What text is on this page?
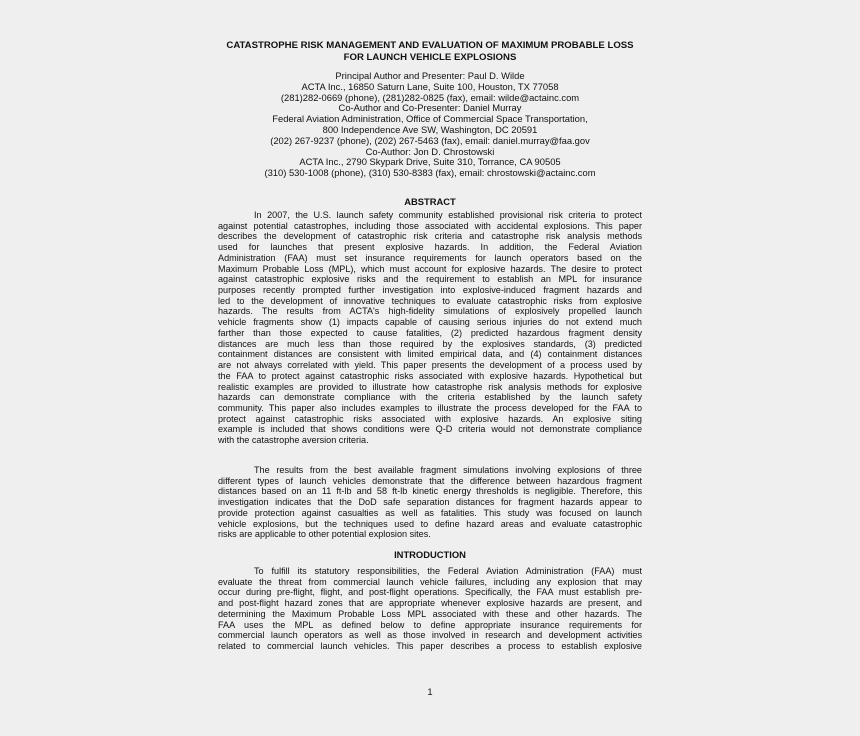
CATASTROPHE RISK MANAGEMENT AND EVALUATION OF MAXIMUM PROBABLE LOSS
FOR LAUNCH VEHICLE EXPLOSIONS
Principal Author and Presenter: Paul D. Wilde
ACTA Inc., 16850 Saturn Lane, Suite 100, Houston, TX 77058
(281)282-0669 (phone), (281)282-0825 (fax), email: wilde@actainc.com
Co-Author and Co-Presenter: Daniel Murray
Federal Aviation Administration, Office of Commercial Space Transportation,
800 Independence Ave SW, Washington, DC 20591
(202) 267-9237 (phone), (202) 267-5463 (fax), email: daniel.murray@faa.gov
Co-Author: Jon D. Chrostowski
ACTA Inc., 2790 Skypark Drive, Suite 310, Torrance, CA 90505
(310) 530-1008 (phone), (310) 530-8383 (fax), email: chrostowski@actainc.com
ABSTRACT
In 2007, the U.S. launch safety community established provisional risk criteria to protect
against potential catastrophes, including those associated with accidental explosions. This paper
describes the development of catastrophic risk criteria and catastrophe risk analysis methods
used for launches that present explosive hazards. In addition, the Federal Aviation
Administration (FAA) must set insurance requirements for launch operators based on the
Maximum Probable Loss (MPL), which must account for explosive hazards. The desire to protect
against catastrophic explosive risks and the requirement to establish an MPL for insurance
purposes recently prompted further investigation into explosive-induced fragment hazards and
led to the development of innovative techniques to evaluate catastrophic risks from explosive
hazards. The results from ACTA's high-fidelity simulations of explosively propelled launch
vehicle fragments show (1) impacts capable of causing serious injuries do not extend much
farther than those expected to cause fatalities, (2) predicted hazardous fragment density
distances are much less than those required by the explosives standards, (3) predicted
containment distances are consistent with limited empirical data, and (4) containment distances
are not always correlated with yield. This paper presents the development of a process used by
the FAA to protect against catastrophic risks associated with explosive hazards. Hypothetical but
realistic examples are provided to illustrate how catastrophe risk analysis methods for explosive
hazards can demonstrate compliance with the criteria established by the launch safety
community. This paper also includes examples to illustrate the process developed for the FAA to
protect against catastrophic risks associated with explosive hazards. An explosive siting
example is included that shows conditions were Q-D criteria would not demonstrate compliance
with the catastrophe aversion criteria.
The results from the best available fragment simulations involving explosions of three
different types of launch vehicles demonstrate that the difference between hazardous fragment
distances based on an 11 ft-lb and 58 ft-lb kinetic energy thresholds is negligible. Therefore, this
investigation indicates that the DoD safe separation distances for fragment hazards appear to
provide protection against casualties as well as fatalities. This study was focused on launch
vehicle explosions, but the techniques used to define hazard areas and evaluate catastrophic
risks are applicable to other potential explosion sites.
INTRODUCTION
To fulfill its statutory responsibilities, the Federal Aviation Administration (FAA) must
evaluate the threat from commercial launch vehicle failures, including any explosion that may
occur during pre-flight, flight, and post-flight operations. Specifically, the FAA must establish pre-
and post-flight hazard zones that are appropriate whenever explosive hazards are present, and
determining the Maximum Probable Loss MPL associated with these and other hazards. The
FAA uses the MPL as defined below to define appropriate insurance requirements for
commercial launch operators as well as those involved in research and development activities
related to commercial launch vehicles. This paper describes a process to establish explosive
1
